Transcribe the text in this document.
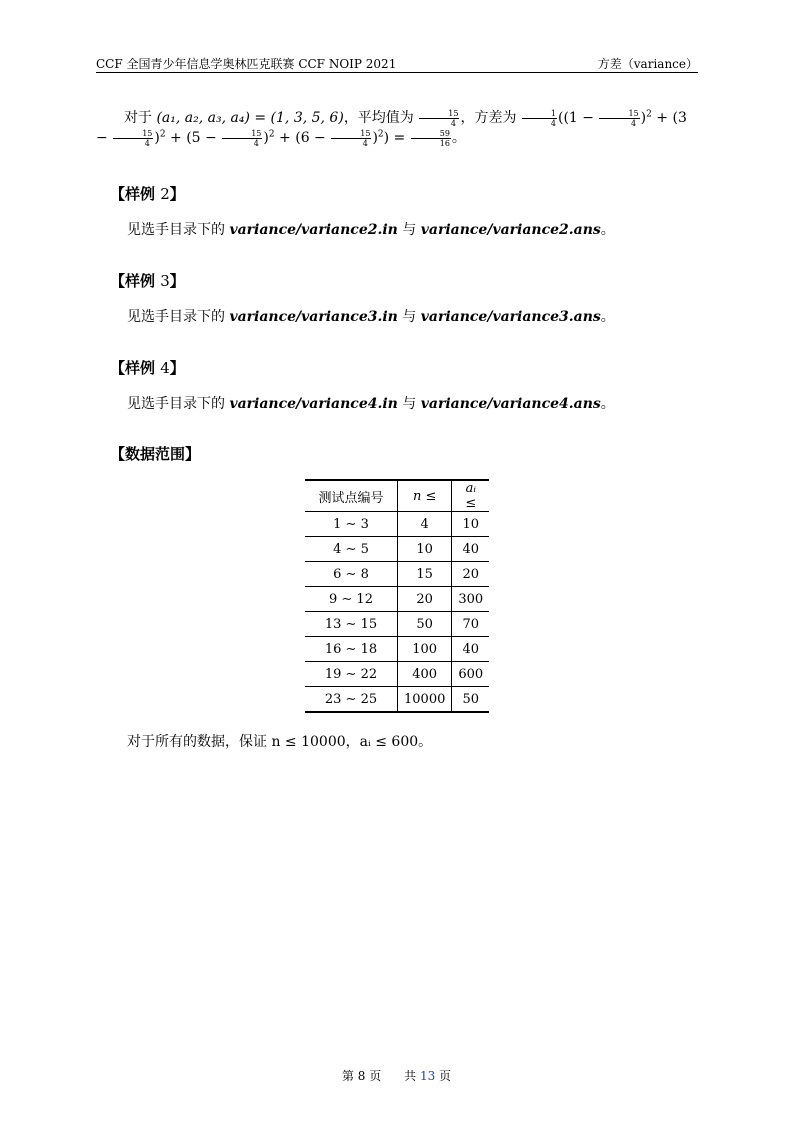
CCF 全国青少年信息学奥林匹克联赛 CCF NOIP 2021	方差（variance）
对于 (a₁, a₂, a₃, a₄) = (1, 3, 5, 6)，平均值为 $\frac{15}{4}$ ，方差为 $\frac{1}{4} ((1 - \frac{15}{4} )^2 + (3 - \frac{15}{4} )^2 + (5 - \frac{15}{4} )^2 + (6 - \frac{15}{4} )^2) = \frac{59}{16}$ 。
【样例 2】
见选手目录下的 variance/variance2.in 与 variance/variance2.ans。
【样例 3】
见选手目录下的 variance/variance3.in 与 variance/variance3.ans。
【样例 4】
见选手目录下的 variance/variance4.in 与 variance/variance4.ans。
【数据范围】
测试点编号	n ≤	aᵢ ≤
1 ∼ 3	4	10
4 ∼ 5	10	40
6 ∼ 8	15	20
9 ∼ 12	20	300
13 ∼ 15	50	70
16 ∼ 18	100	40
19 ∼ 22	400	600
23 ∼ 25	10000	50
对于所有的数据，保证 n ≤ 10000，aᵢ ≤ 600。
第 8 页 共 13 页
